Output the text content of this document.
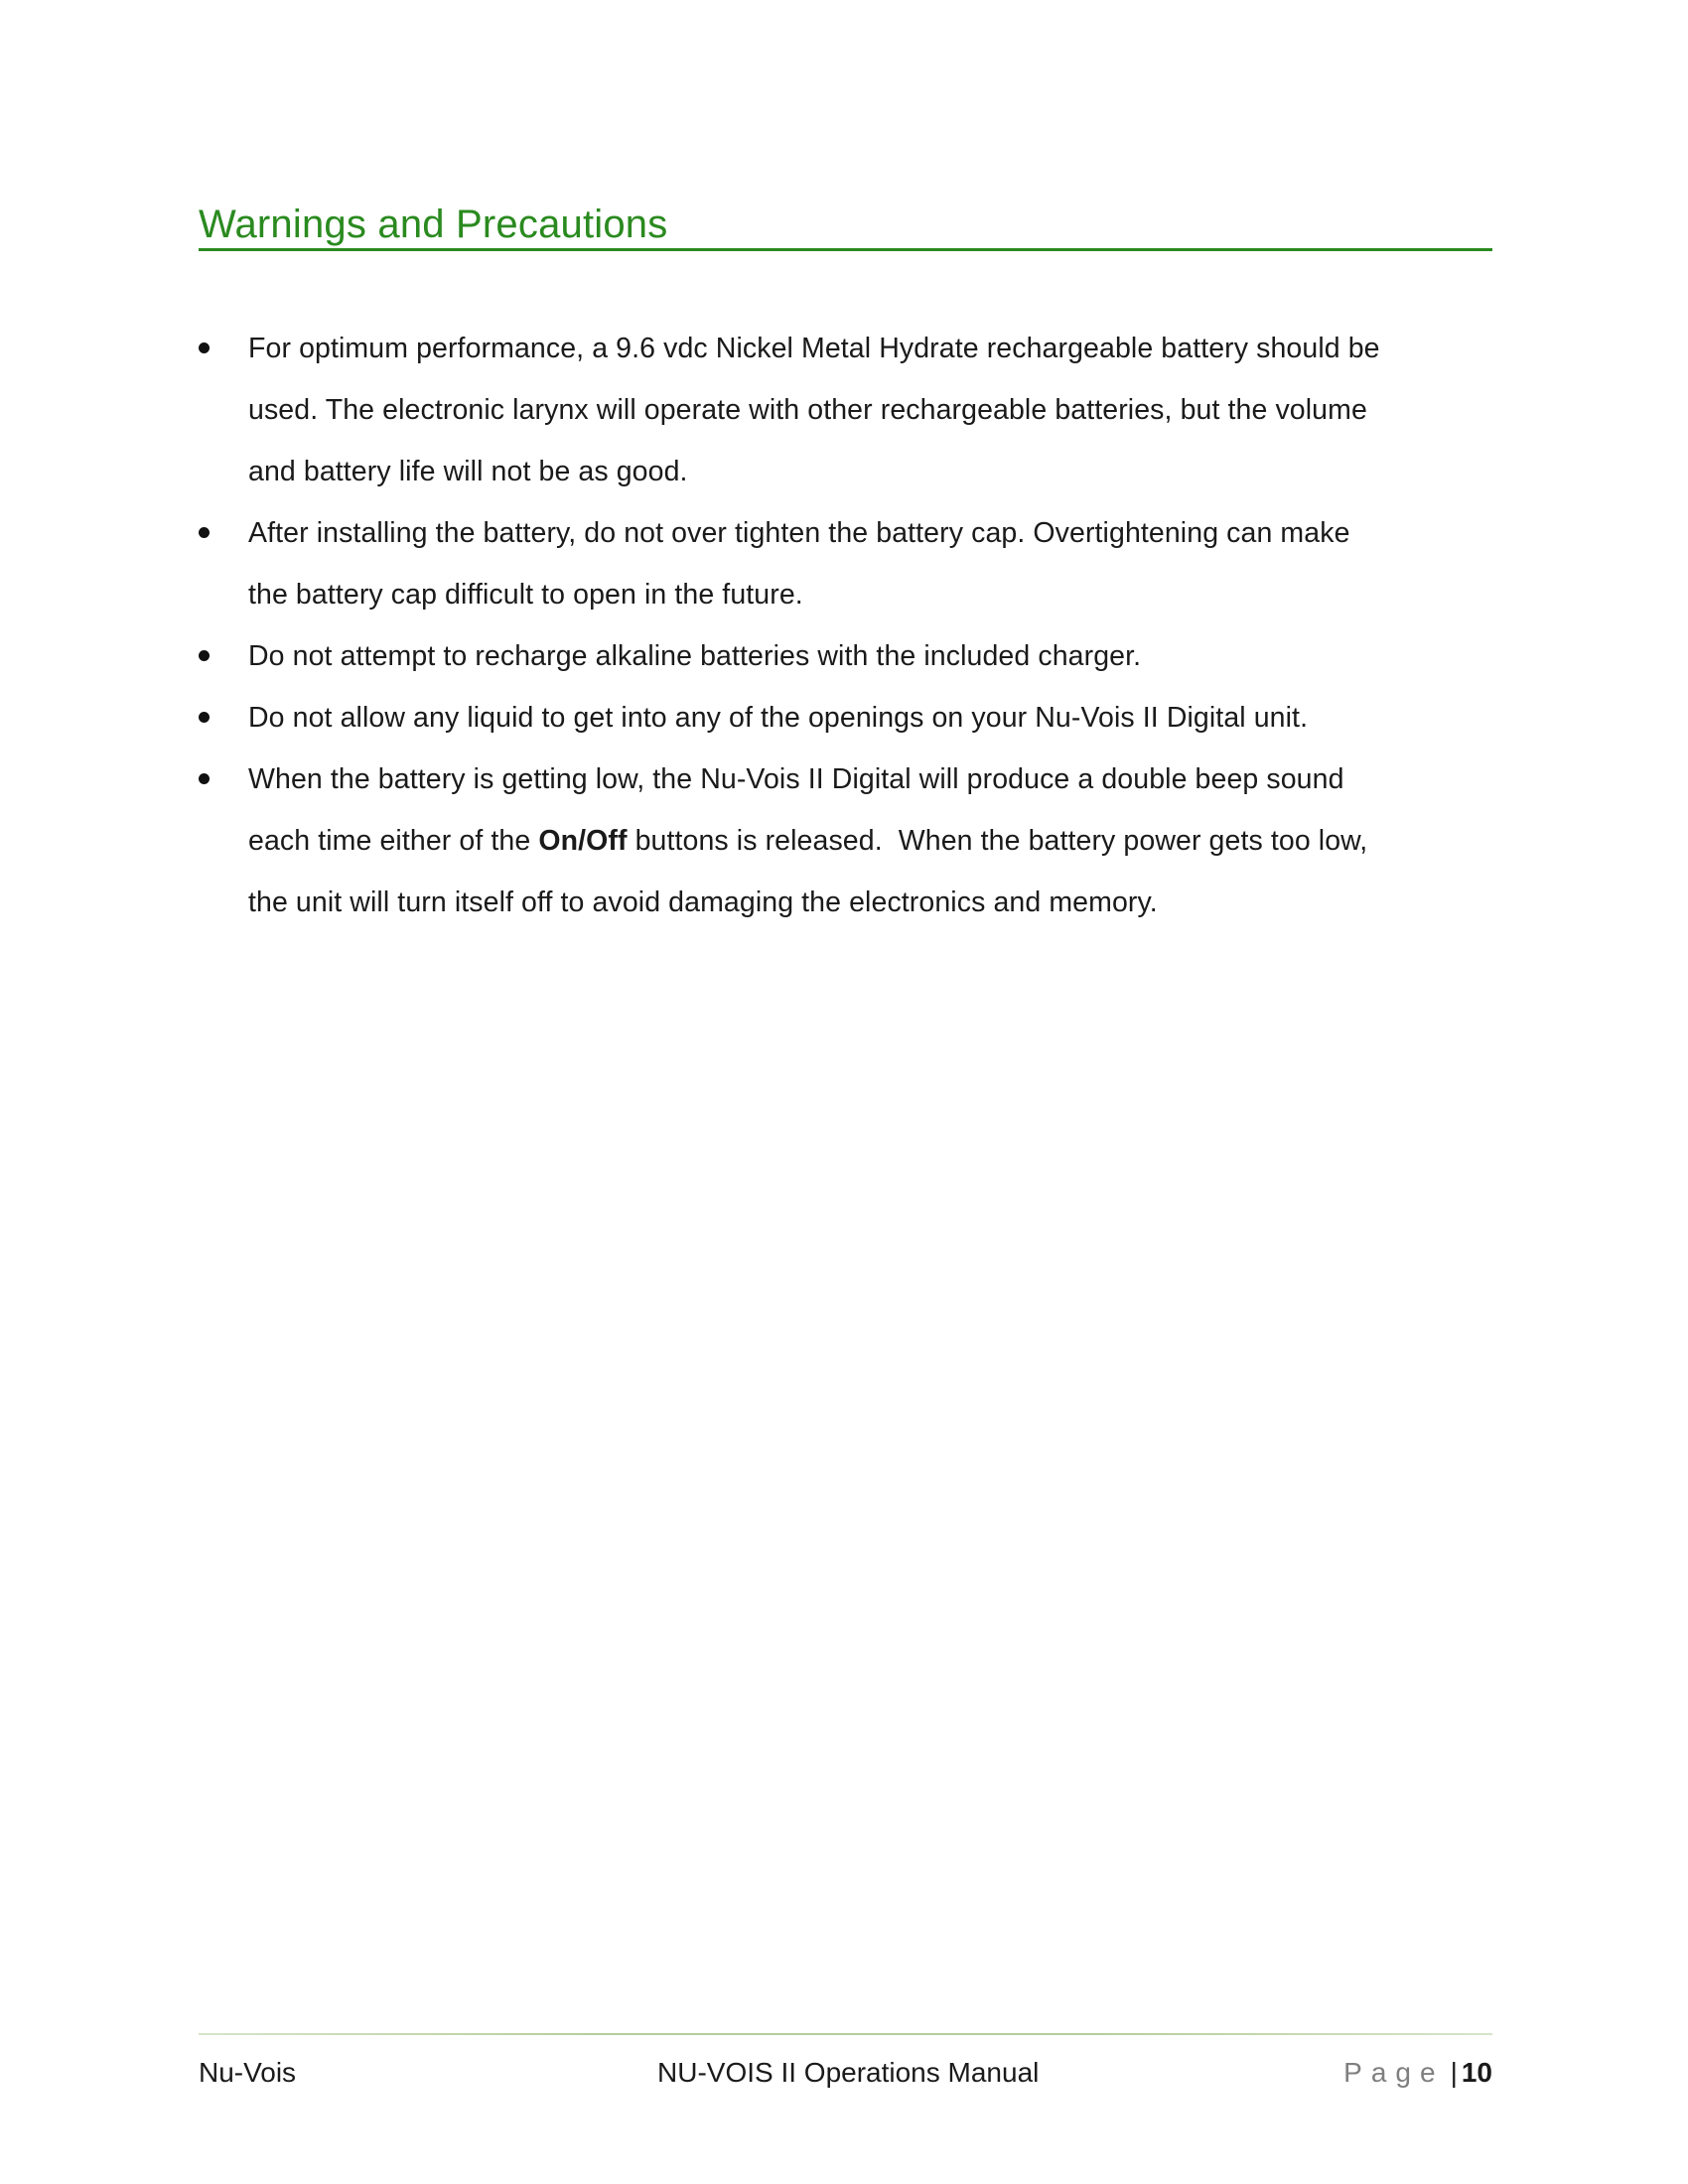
Warnings and Precautions
For optimum performance, a 9.6 vdc Nickel Metal Hydrate rechargeable battery should be
used. The electronic larynx will operate with other rechargeable batteries, but the volume
and battery life will not be as good.
After installing the battery, do not over tighten the battery cap. Overtightening can make
the battery cap difficult to open in the future.
Do not attempt to recharge alkaline batteries with the included charger.
Do not allow any liquid to get into any of the openings on your Nu-Vois II Digital unit.
When the battery is getting low, the Nu-Vois II Digital will produce a double beep sound
each time either of the On/Off buttons is released.  When the battery power gets too low,
the unit will turn itself off to avoid damaging the electronics and memory.
Nu-Vois	NU-VOIS II Operations Manual	Page | 10
